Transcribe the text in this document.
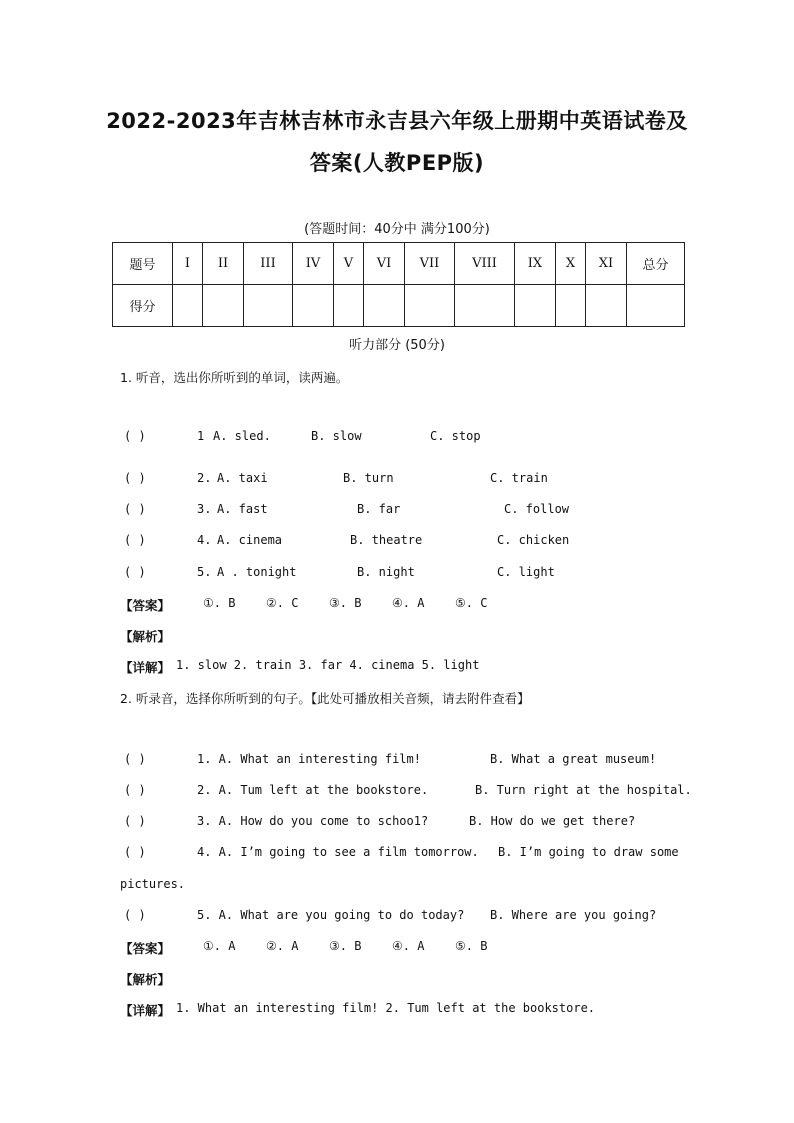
2022-2023年吉林吉林市永吉县六年级上册期中英语试卷及
答案(人教PEP版)
(答题时间：40分中 满分100分)
题号	I	II	III	IV	V	VI	VII	VIII	IX	X	XI	总分
得分												
听力部分 (50分)
1. 听音，选出你所听到的单词，读两遍。
( )	1 A. sled.	B. slow	C. stop
( )	2. A. taxi	B. turn	C. train
( )	3. A. fast	B. far	C. follow
( )	4. A. cinema	B. theatre	C. chicken
( )	5. A . tonight	B. night	C. light
【答案】	①. B	②. C	③. B	④. A	⑤. C
【解析】
【详解】 1. slow 2. train 3. far 4. cinema 5. light
2. 听录音，选择你所听到的句子。【此处可播放相关音频，请去附件查看】
( )	1. A. What an interesting film!	B. What a great museum!
( )	2. A. Tum left at the bookstore.	B. Turn right at the hospital.
( )	3. A. How do you come to schoo1?	B. How do we get there?
( )	4. A. I’m going to see a film tomorrow. B. I’m going to draw some
pictures.
( )	5. A. What are you going to do today? B. Where are you going?
【答案】	①. A	②. A	③. B	④. A	⑤. B
【解析】
【详解】 1. What an interesting film! 2. Tum left at the bookstore.
